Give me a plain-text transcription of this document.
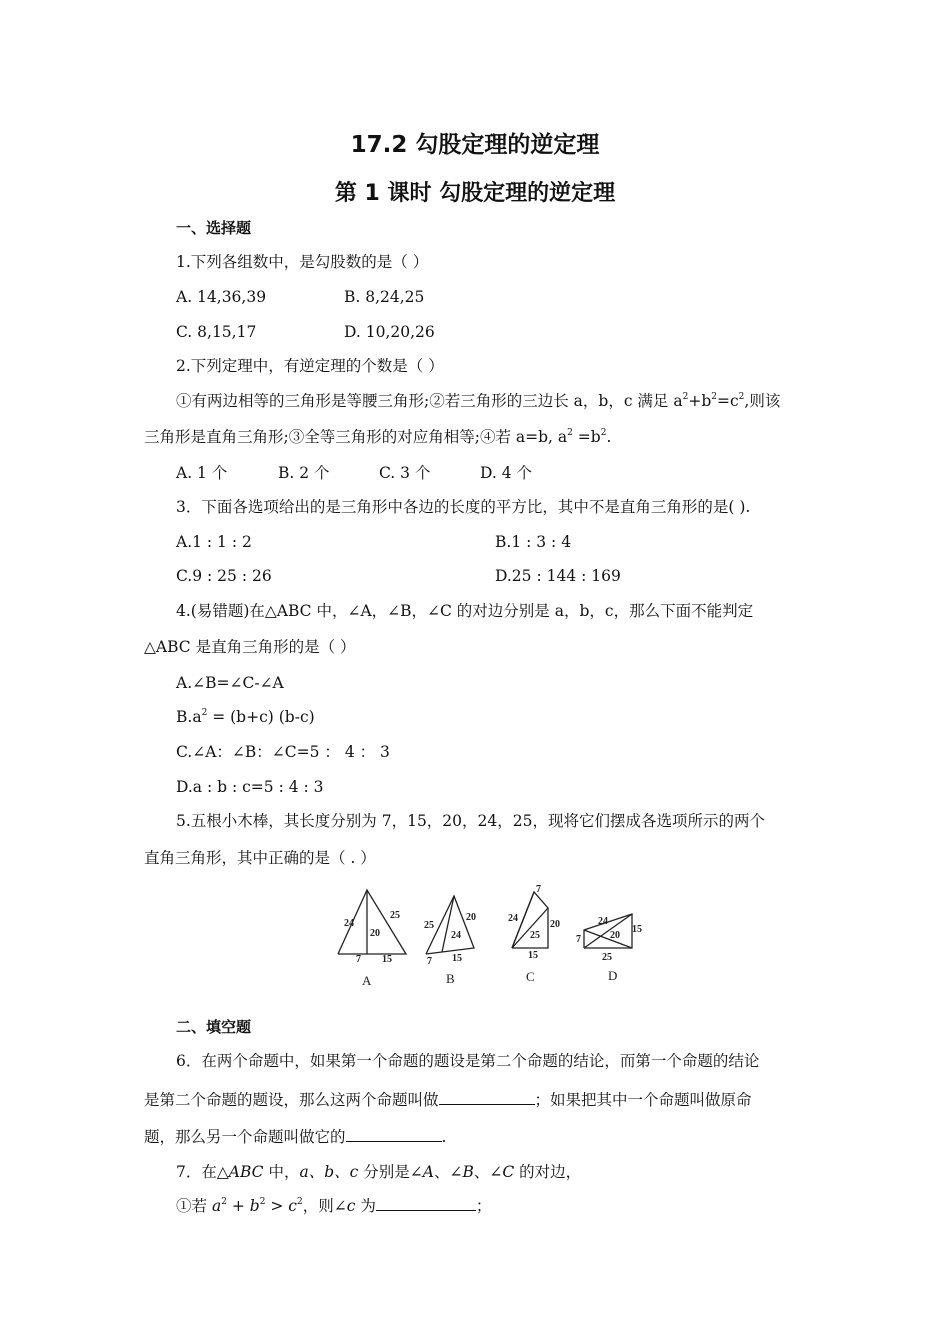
17.2 勾股定理的逆定理
第 1 课时 勾股定理的逆定理
一、选择题
1.下列各组数中，是勾股数的是（ ）
A. 14,36,39	B. 8,24,25
C. 8,15,17	D. 10,20,26
2.下列定理中，有逆定理的个数是（ ）
①有两边相等的三角形是等腰三角形;②若三角形的三边长 a，b，c 满足 $a^2+b^2=c^2$,则该
三角形是直角三角形;③全等三角形的对应角相等;④若 a=b, $a^2 =b^2$.
A. 1 个	B. 2 个	C. 3 个	D. 4 个
3．下面各选项给出的是三角形中各边的长度的平方比，其中不是直角三角形的是( ).
A.1 : 1 : 2	B.1 : 3 : 4
C.9 : 25 : 26	D.25 : 144 : 169
4.(易错题)在△ABC 中，∠A，∠B，∠C 的对边分别是 a，b，c，那么下面不能判定
△ABC 是直角三角形的是（ ）
A.∠B=∠C-∠A
$B.a^2 = (b+c)$ (b-c)
C.∠A：∠B：∠C=5 ： 4 ： 3
D.a : b : c=5 : 4 : 3
5.五根小木棒，其长度分别为 7，15，20，24，25，现将它们摆成各选项所示的两个
直角三角形，其中正确的是（ . ）
24
25
20
7 15
A
25
20
24
7 15
B
7
24
20
25
15
C
24
7	20
15
25
D
二、填空题
6．在两个命题中，如果第一个命题的题设是第二个命题的结论，而第一个命题的结论
是第二个命题的题设，那么这两个命题叫做	；如果把其中一个命题叫做原命
题，那么另一个命题叫做它的	.
7．在△ABC 中，a、b、c 分别是∠A、∠B、∠C 的对边，
①若 $a^2 + b^2 > c^2$，则∠c 为	；
